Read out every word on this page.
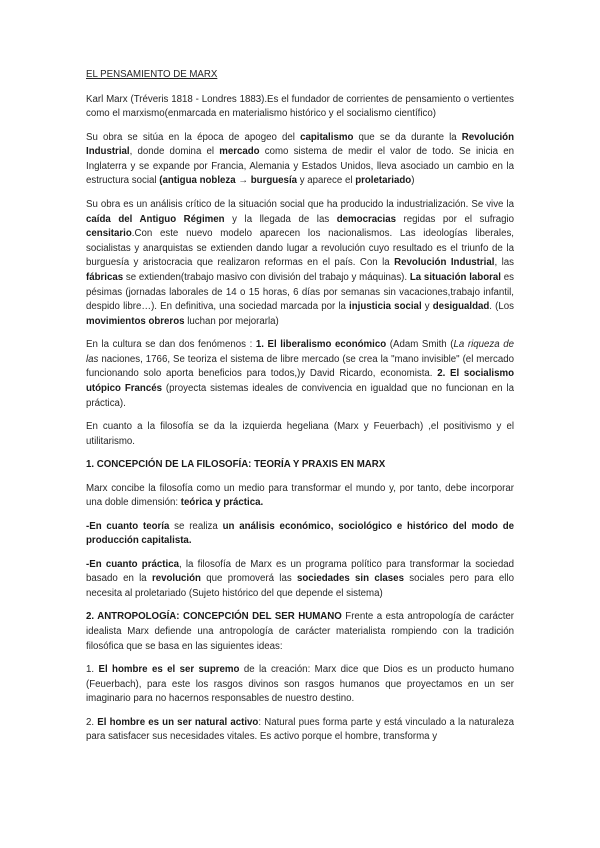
EL PENSAMIENTO DE MARX

Karl Marx (Tréveris 1818 - Londres 1883).Es el fundador de corrientes de pensamiento o vertientes como el marxismo(enmarcada en materialismo histórico y el socialismo científico)

Su obra se sitúa en la época de apogeo del capitalismo que se da durante la Revolución Industrial, donde domina el mercado como sistema de medir el valor de todo. Se inicia en Inglaterra y se expande por Francia, Alemania y Estados Unidos, lleva asociado un cambio en la estructura social (antigua nobleza → burguesía y aparece el proletariado)

Su obra es un análisis crítico de la situación social que ha producido la industrialización. Se vive la caída del Antiguo Régimen y la llegada de las democracias regidas por el sufragio censitario.Con este nuevo modelo aparecen los nacionalismos. Las ideologías liberales, socialistas y anarquistas se extienden dando lugar a revolución cuyo resultado es el triunfo de la burguesía y aristocracia que realizaron reformas en el país. Con la Revolución Industrial, las fábricas se extienden(trabajo masivo con división del trabajo y máquinas). La situación laboral es pésimas (jornadas laborales de 14 o 15 horas, 6 días por semanas sin vacaciones,trabajo infantil, despido libre…). En definitiva, una sociedad marcada por la injusticia social y desigualdad. (Los movimientos obreros luchan por mejorarla)

En la cultura se dan dos fenómenos : 1. El liberalismo económico (Adam Smith (La riqueza de las naciones, 1766, Se teoriza el sistema de libre mercado (se crea la "mano invisible" (el mercado funcionando solo aporta beneficios para todos,)y David Ricardo, economista. 2. El socialismo utópico Francés (proyecta sistemas ideales de convivencia en igualdad que no funcionan en la práctica).

En cuanto a la filosofía se da la izquierda hegeliana (Marx y Feuerbach) ,el positivismo y el utilitarismo.

1. CONCEPCIÓN DE LA FILOSOFÍA: TEORÍA Y PRAXIS EN MARX

Marx concibe la filosofía como un medio para transformar el mundo y, por tanto, debe incorporar una doble dimensión: teórica y práctica.

-En cuanto teoría se realiza un análisis económico, sociológico e histórico del modo de producción capitalista.

-En cuanto práctica, la filosofía de Marx es un programa político para transformar la sociedad basado en la revolución que promoverá las sociedades sin clases sociales pero para ello necesita al proletariado (Sujeto histórico del que depende el sistema)

2. ANTROPOLOGÍA: CONCEPCIÓN DEL SER HUMANO Frente a esta antropología de carácter idealista Marx defiende una antropología de carácter materialista rompiendo con la tradición filosófica que se basa en las siguientes ideas:

1. El hombre es el ser supremo de la creación: Marx dice que Dios es un producto humano (Feuerbach), para este los rasgos divinos son rasgos humanos que proyectamos en un ser imaginario para no hacernos responsables de nuestro destino.

2. El hombre es un ser natural activo: Natural pues forma parte y está vinculado a la naturaleza para satisfacer sus necesidades vitales. Es activo porque el hombre, transforma y
